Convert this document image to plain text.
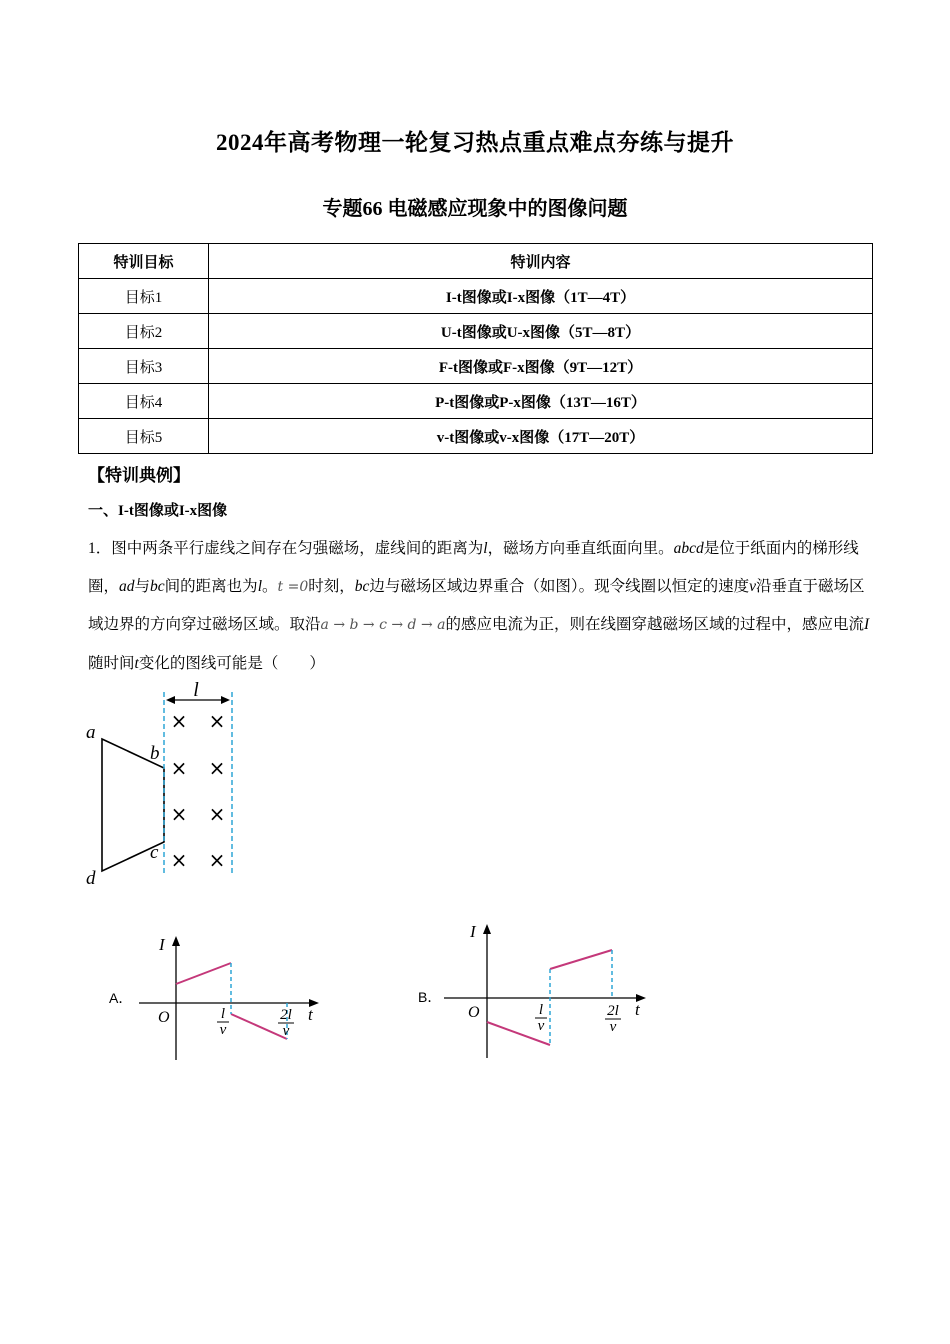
2024年高考物理一轮复习热点重点难点夯练与提升
专题66 电磁感应现象中的图像问题
特训目标	特训内容
目标1	I-t图像或I-x图像（1T—4T）
目标2	U-t图像或U-x图像（5T—8T）
目标3	F-t图像或F-x图像（9T—12T）
目标4	P-t图像或P-x图像（13T—16T）
目标5	v-t图像或v-x图像（17T—20T）
【特训典例】
一、I-t图像或I-x图像
1．图中两条平行虚线之间存在匀强磁场，虚线间的距离为l，磁场方向垂直纸面向里。abcd是位于纸面内的梯形线圈，ad与bc间的距离也为l。t =0时刻，bc边与磁场区域边界重合（如图）。现令线圈以恒定的速度v沿垂直于磁场区域边界的方向穿过磁场区域。取沿a → b → c → d → a的感应电流为正，则在线圈穿越磁场区域的过程中，感应电流I随时间t变化的图线可能是（　　）
l
a
b
c
d
× ×
× ×
× ×
× ×
A．
I
t
O	l
v
2l
v
B．
I
t
O	l
v
2l
v
